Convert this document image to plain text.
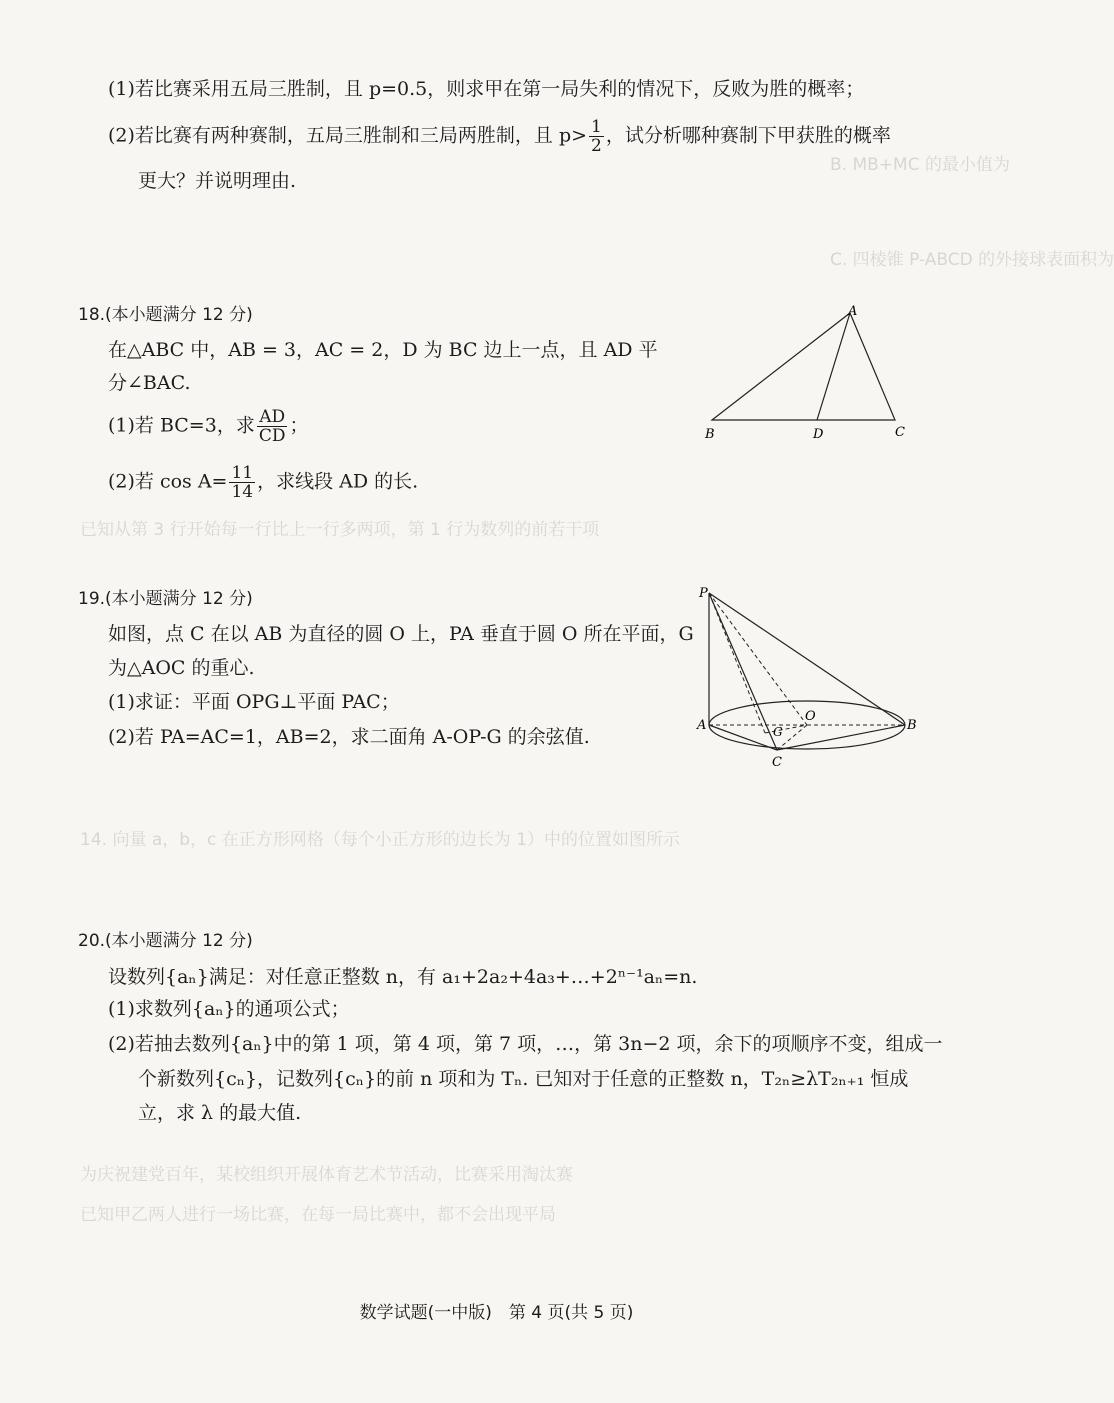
B. MB+MC 的最小值为
C. 四棱锥 P-ABCD 的外接球表面积为
已知从第 3 行开始每一行比上一行多两项，第 1 行为数列的前若干项
14. 向量 a，b，c 在正方形网格（每个小正方形的边长为 1）中的位置如图所示
为庆祝建党百年，某校组织开展体育艺术节活动，比赛采用淘汰赛
已知甲乙两人进行一场比赛，在每一局比赛中，都不会出现平局
(1)若比赛采用五局三胜制，且 p=0.5，则求甲在第一局失利的情况下，反败为胜的概率；
(2)若比赛有两种赛制，五局三胜制和三局两胜制，且 $p> \frac{1}{2}$ ，试分析哪种赛制下甲获胜的概率
更大？并说明理由.
18.(本小题满分 12 分)
在△ABC 中，AB = 3，AC = 2，D 为 BC 边上一点，且 AD 平
分∠BAC.
(1)若 BC=3，求 $\frac{AD}{CD}$ ；
(2)若 $\cos A= \frac{11}{14}$ ，求线段 AD 的长.
A
B	D	C
19.(本小题满分 12 分)
如图，点 C 在以 AB 为直径的圆 O 上，PA 垂直于圆 O 所在平面，G
为△AOC 的重心.
(1)求证：平面 OPG⊥平面 PAC；
(2)若 PA=AC=1，AB=2，求二面角 A-OP-G 的余弦值.
P
A	B
C
O
G
20.(本小题满分 12 分)
设数列{aₙ}满足：对任意正整数 n，有 a₁+2a₂+4a₃+…+2ⁿ⁻¹aₙ=n.
(1)求数列{aₙ}的通项公式；
(2)若抽去数列{aₙ}中的第 1 项，第 4 项，第 7 项，…，第 3n−2 项，余下的项顺序不变，组成一
个新数列{cₙ}，记数列{cₙ}的前 n 项和为 Tₙ. 已知对于任意的正整数 n，T₂ₙ≥λT₂ₙ₊₁ 恒成
立，求 λ 的最大值.
数学试题(一中版)　第 4 页(共 5 页)
